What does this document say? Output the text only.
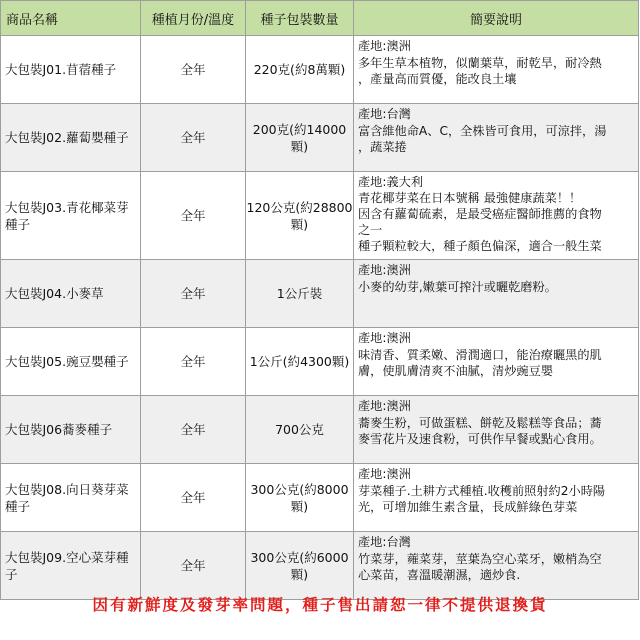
商品名稱	種植月份/溫度	種子包裝數量	簡要說明
大包裝J01.苜蓿種子	全年	220克(約8萬顆)	產地:澳洲
多年生草本植物，似蘭葉草，耐乾旱，耐冷熱
，產量高而質優，能改良土壤

大包裝J02.蘿蔔嬰種子	全年	200克(約14000顆)	產地:台灣
富含維他命A、C，全株皆可食用，可涼拌，湯
，蔬菜捲

大包裝J03.青花椰菜芽種子	全年	120公克(約28800顆)	產地:義大利
青花椰芽菜在日本號稱 最強健康蔬菜！！
因含有蘿蔔硫素，是最受癌症醫師推薦的食物
之一
種子顆粒較大，種子顏色偏深，適合一般生菜

大包裝J04.小麥草	全年	1公斤裝	產地:澳洲
小麥的幼芽,嫩葉可搾汁或曬乾磨粉。

大包裝J05.豌豆嬰種子	全年	1公斤(約4300顆)	產地:澳洲
味清香、質柔嫩、滑潤適口，能治療曬黑的肌
膚，使肌膚清爽不油膩，清炒豌豆嬰

大包裝J06蕎麥種子	全年	700公克	產地:澳洲
蕎麥生粉，可做蛋糕、餅乾及鬆糕等食品；蕎
麥雪花片及速食粉，可供作早餐或點心食用。

大包裝J08.向日葵芽菜種子	全年	300公克(約8000顆)	產地:澳洲
芽菜種子.土耕方式種植.收穫前照射約2小時陽
光，可增加維生素含量，長成鮮綠色芽菜

大包裝J09.空心菜芽種子	全年	300公克(約6000顆)	產地:台灣
竹菜芽，蕹菜芽，莖葉為空心菜牙，嫩梢為空
心菜苗，喜溫暖潮濕，適炒食.
因有新鮮度及發芽率問題，種子售出請恕一律不提供退換貨
